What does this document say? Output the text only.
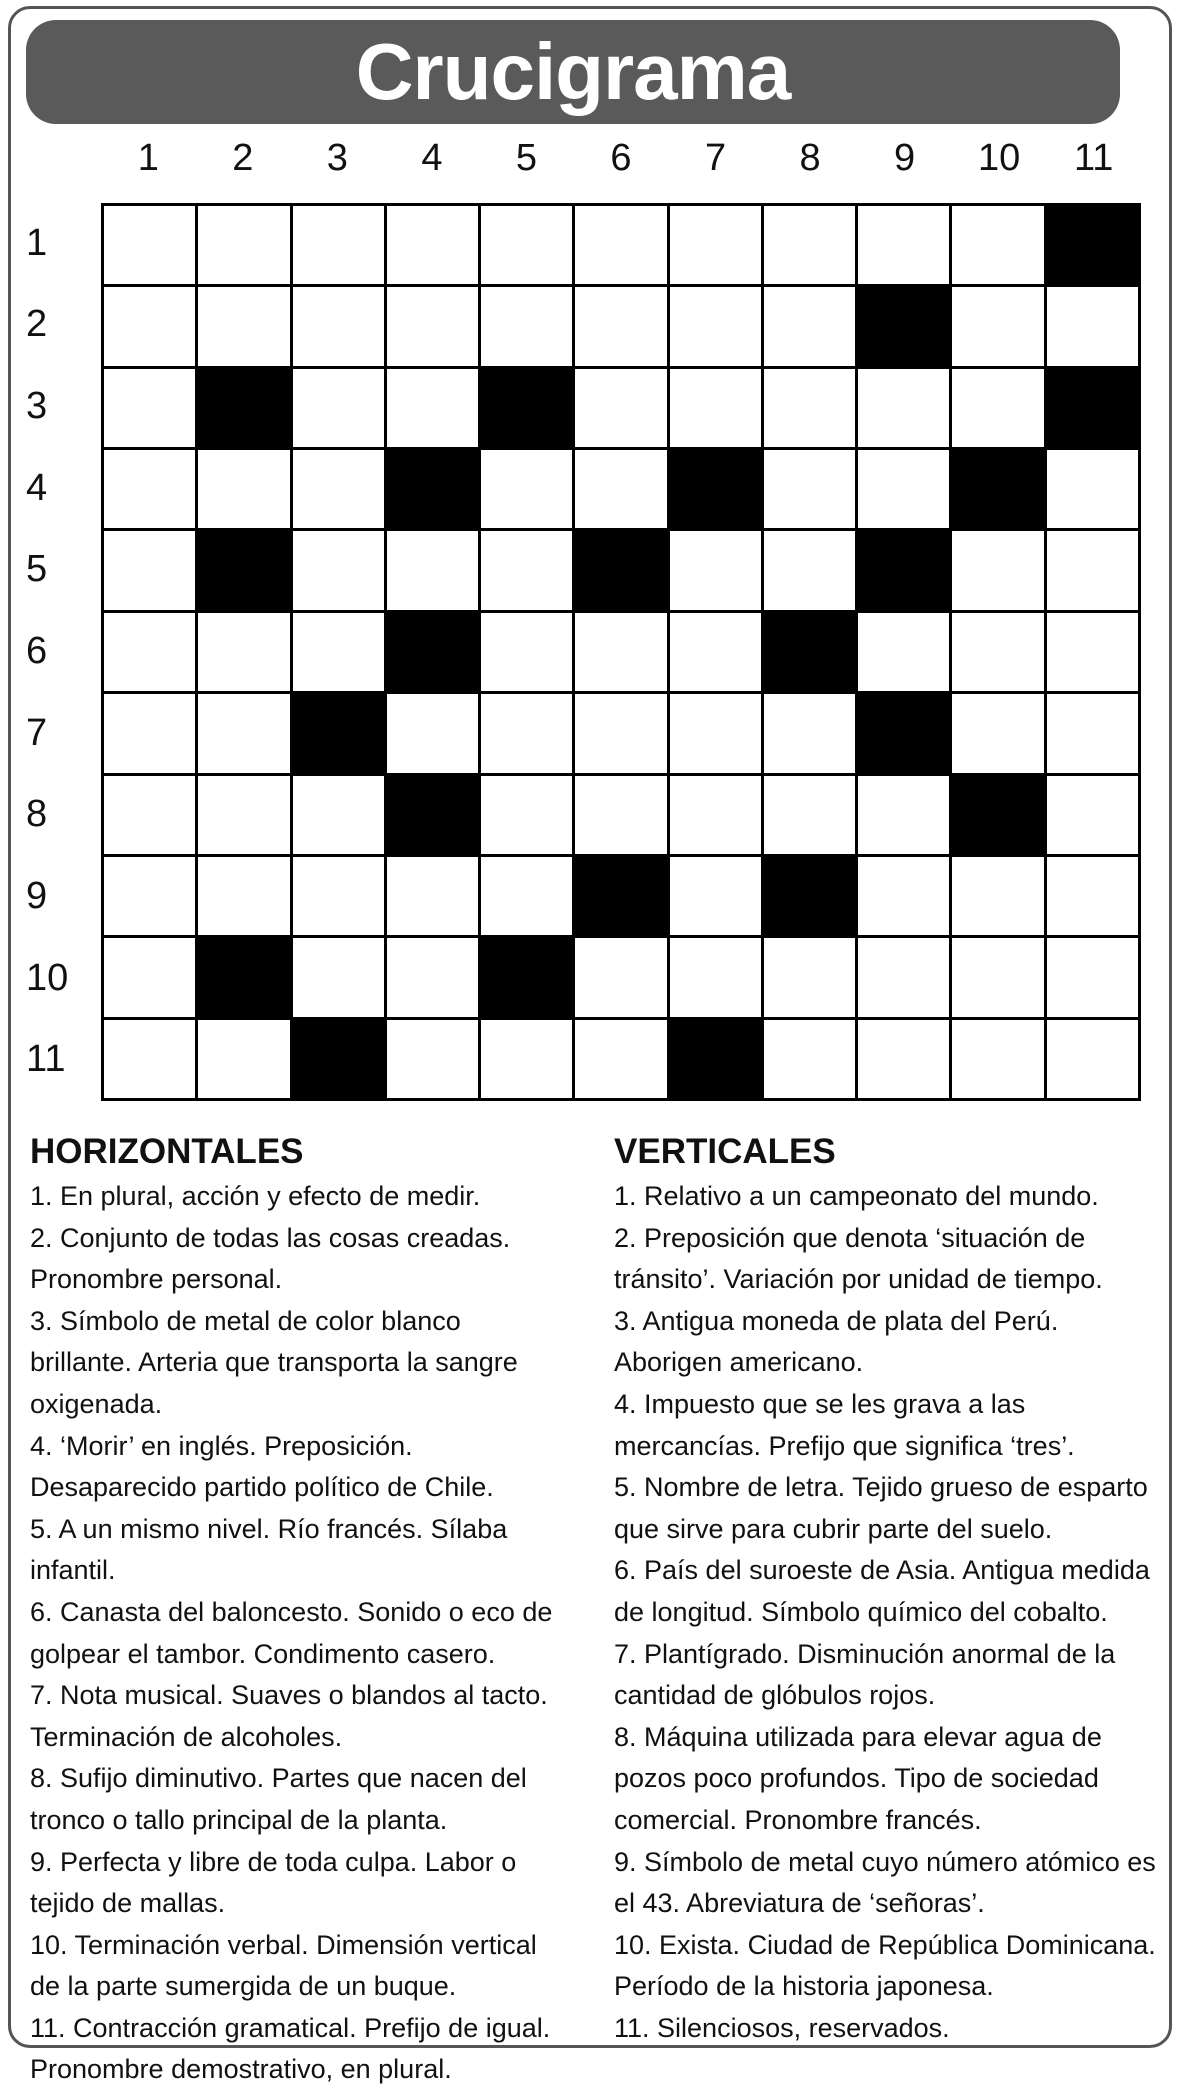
Crucigrama
1	2	3	4	5	6	7	8	9	10	11
1
2
3
4
5
6
7
8
9
10
11
HORIZONTALES

1. En plural, acción y efecto de medir.

2. Conjunto de todas las cosas creadas. Pronombre personal.

3. Símbolo de metal de color blanco brillante. Arteria que transporta la sangre oxigenada.

4. ‘Morir’ en inglés. Preposición. Desaparecido partido político de Chile.

5. A un mismo nivel. Río francés. Sílaba infantil.

6. Canasta del baloncesto. Sonido o eco de golpear el tambor. Condimento casero.

7. Nota musical. Suaves o blandos al tacto. Terminación de alcoholes.

8. Sufijo diminutivo. Partes que nacen del tronco o tallo principal de la planta.

9. Perfecta y libre de toda culpa. Labor o tejido de mallas.

10. Terminación verbal. Dimensión vertical de la parte sumergida de un buque.

11. Contracción gramatical. Prefijo de igual. Pronombre demostrativo, en plural.

VERTICALES

1. Relativo a un campeonato del mundo.

2. Preposición que denota ‘situación de tránsito’. Variación por unidad de tiempo.

3. Antigua moneda de plata del Perú. Aborigen americano.

4. Impuesto que se les grava a las mercancías. Prefijo que significa ‘tres’.

5. Nombre de letra. Tejido grueso de esparto que sirve para cubrir parte del suelo.

6. País del suroeste de Asia. Antigua medida de longitud. Símbolo químico del cobalto.

7. Plantígrado. Disminución anormal de la cantidad de glóbulos rojos.

8. Máquina utilizada para elevar agua de pozos poco profundos. Tipo de sociedad comercial. Pronombre francés.

9. Símbolo de metal cuyo número atómico es el 43. Abreviatura de ‘señoras’.

10. Exista. Ciudad de República Dominicana. Período de la historia japonesa.

11. Silenciosos, reservados.
